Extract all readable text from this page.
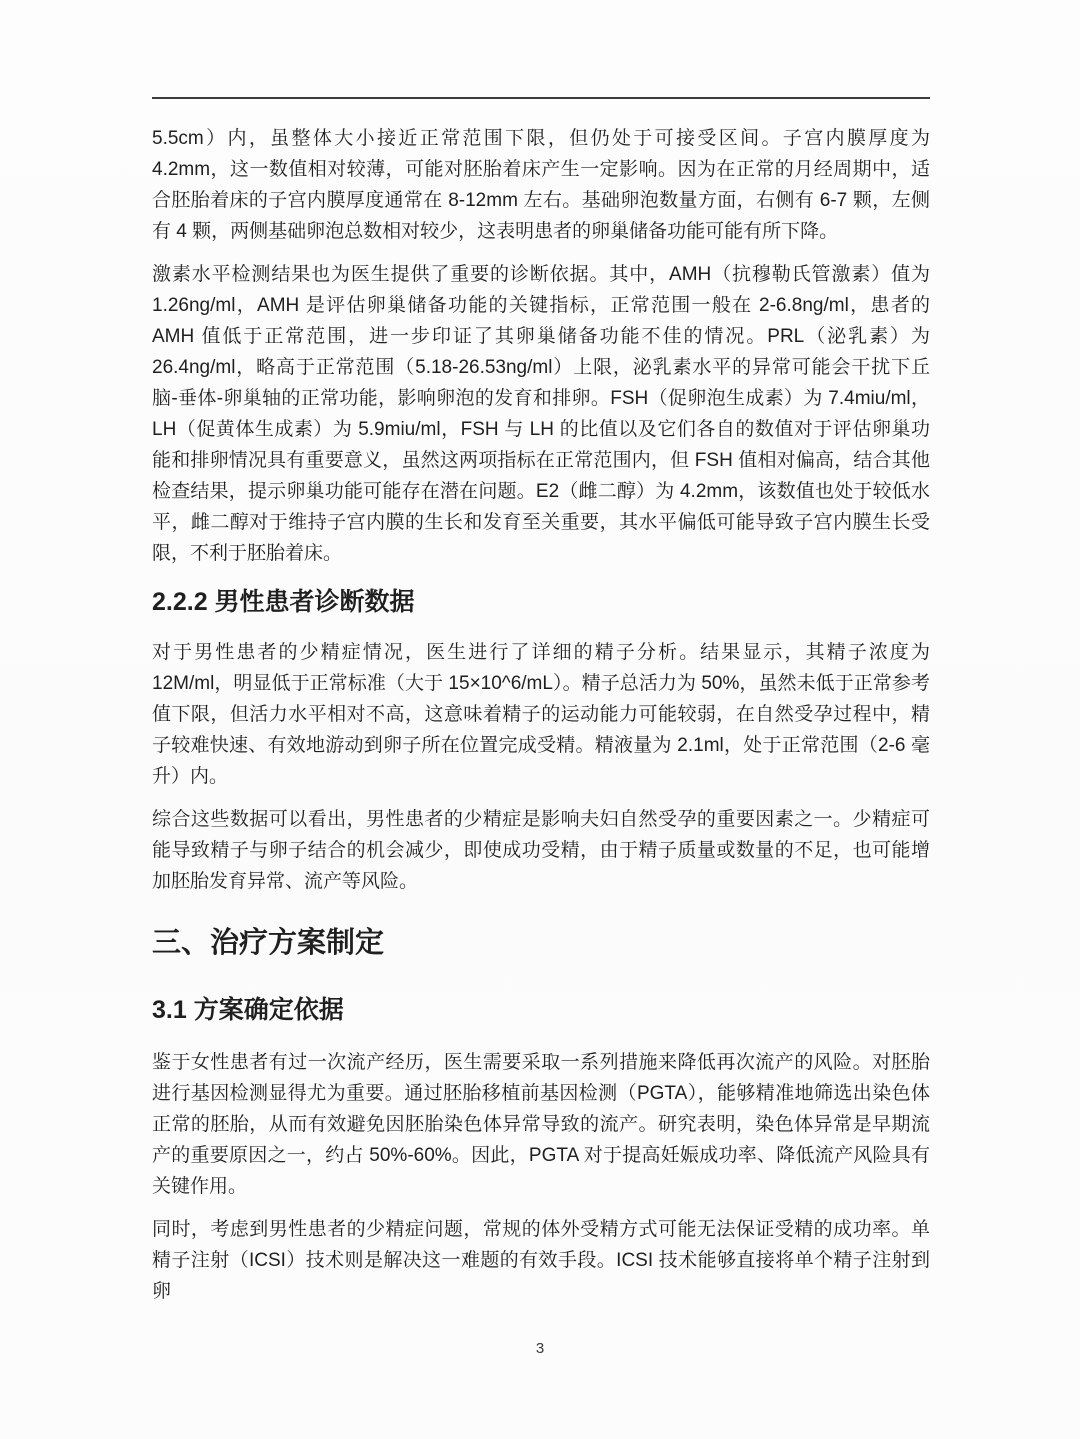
5.5cm）内，虽整体大小接近正常范围下限，但仍处于可接受区间。子宫内膜厚度为 4.2mm，这一数值相对较薄，可能对胚胎着床产生一定影响。因为在正常的月经周期中，适合胚胎着床的子宫内膜厚度通常在 8-12mm 左右。基础卵泡数量方面，右侧有 6-7 颗，左侧有 4 颗，两侧基础卵泡总数相对较少，这表明患者的卵巢储备功能可能有所下降。

激素水平检测结果也为医生提供了重要的诊断依据。其中，AMH（抗穆勒氏管激素）值为 1.26ng/ml，AMH 是评估卵巢储备功能的关键指标，正常范围一般在 2-6.8ng/ml，患者的 AMH 值低于正常范围，进一步印证了其卵巢储备功能不佳的情况。PRL（泌乳素）为 26.4ng/ml，略高于正常范围（5.18-26.53ng/ml）上限，泌乳素水平的异常可能会干扰下丘脑-垂体-卵巢轴的正常功能，影响卵泡的发育和排卵。FSH（促卵泡生成素）为 7.4miu/ml，LH（促黄体生成素）为 5.9miu/ml，FSH 与 LH 的比值以及它们各自的数值对于评估卵巢功能和排卵情况具有重要意义，虽然这两项指标在正常范围内，但 FSH 值相对偏高，结合其他检查结果，提示卵巢功能可能存在潜在问题。E2（雌二醇）为 4.2mm，该数值也处于较低水平，雌二醇对于维持子宫内膜的生长和发育至关重要，其水平偏低可能导致子宫内膜生长受限，不利于胚胎着床。

2.2.2 男性患者诊断数据

对于男性患者的少精症情况，医生进行了详细的精子分析。结果显示，其精子浓度为 12M/ml，明显低于正常标准（大于 15×10^6/mL）。精子总活力为 50%，虽然未低于正常参考值下限，但活力水平相对不高，这意味着精子的运动能力可能较弱，在自然受孕过程中，精子较难快速、有效地游动到卵子所在位置完成受精。精液量为 2.1ml，处于正常范围（2-6 毫升）内。

综合这些数据可以看出，男性患者的少精症是影响夫妇自然受孕的重要因素之一。少精症可能导致精子与卵子结合的机会减少，即使成功受精，由于精子质量或数量的不足，也可能增加胚胎发育异常、流产等风险。

三、治疗方案制定
3.1 方案确定依据

鉴于女性患者有过一次流产经历，医生需要采取一系列措施来降低再次流产的风险。对胚胎进行基因检测显得尤为重要。通过胚胎移植前基因检测（PGTA），能够精准地筛选出染色体正常的胚胎，从而有效避免因胚胎染色体异常导致的流产。研究表明，染色体异常是早期流产的重要原因之一，约占 50%-60%。因此，PGTA 对于提高妊娠成功率、降低流产风险具有关键作用。

同时，考虑到男性患者的少精症问题，常规的体外受精方式可能无法保证受精的成功率。单精子注射（ICSI）技术则是解决这一难题的有效手段。ICSI 技术能够直接将单个精子注射到卵

3
